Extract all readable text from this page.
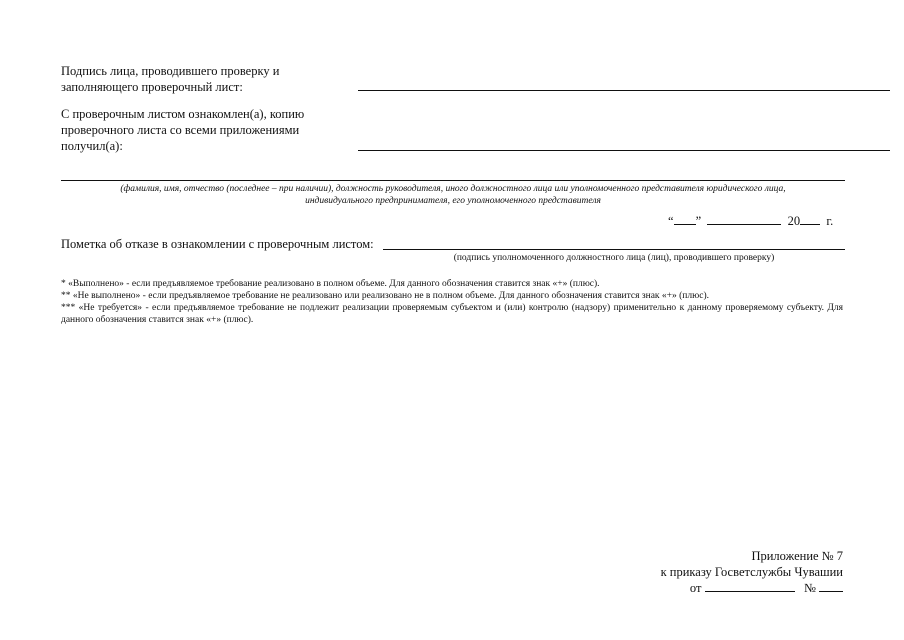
Подпись лица, проводившего проверку и
заполняющего проверочный лист:
С проверочным листом ознакомлен(а), копию
проверочного листа со всеми приложениями
получил(а):
(фамилия, имя, отчество (последнее – при наличии), должность руководителя, иного должностного лица или уполномоченного представителя юридического лица,
индивидуального предпринимателя, его уполномоченного представителя
“ ”	20 г.
Пометка об отказе в ознакомлении с проверочным листом:
(подпись уполномоченного должностного лица (лиц), проводившего проверку)

* «Выполнено» - если предъявляемое требование реализовано в полном объеме. Для данного обозначения ставится знак «+» (плюс).

** «Не выполнено» - если предъявляемое требование не реализовано или реализовано не в полном объеме. Для данного обозначения ставится знак «+» (плюс).

*** «Не требуется» - если предъявляемое требование не подлежит реализации проверяемым субъектом и (или) контролю (надзору) применительно к данному проверяемому субъекту. Для данного обозначения ставится знак «+» (плюс).

Приложение № 7
к приказу Госветслужбы Чувашии
от	№
